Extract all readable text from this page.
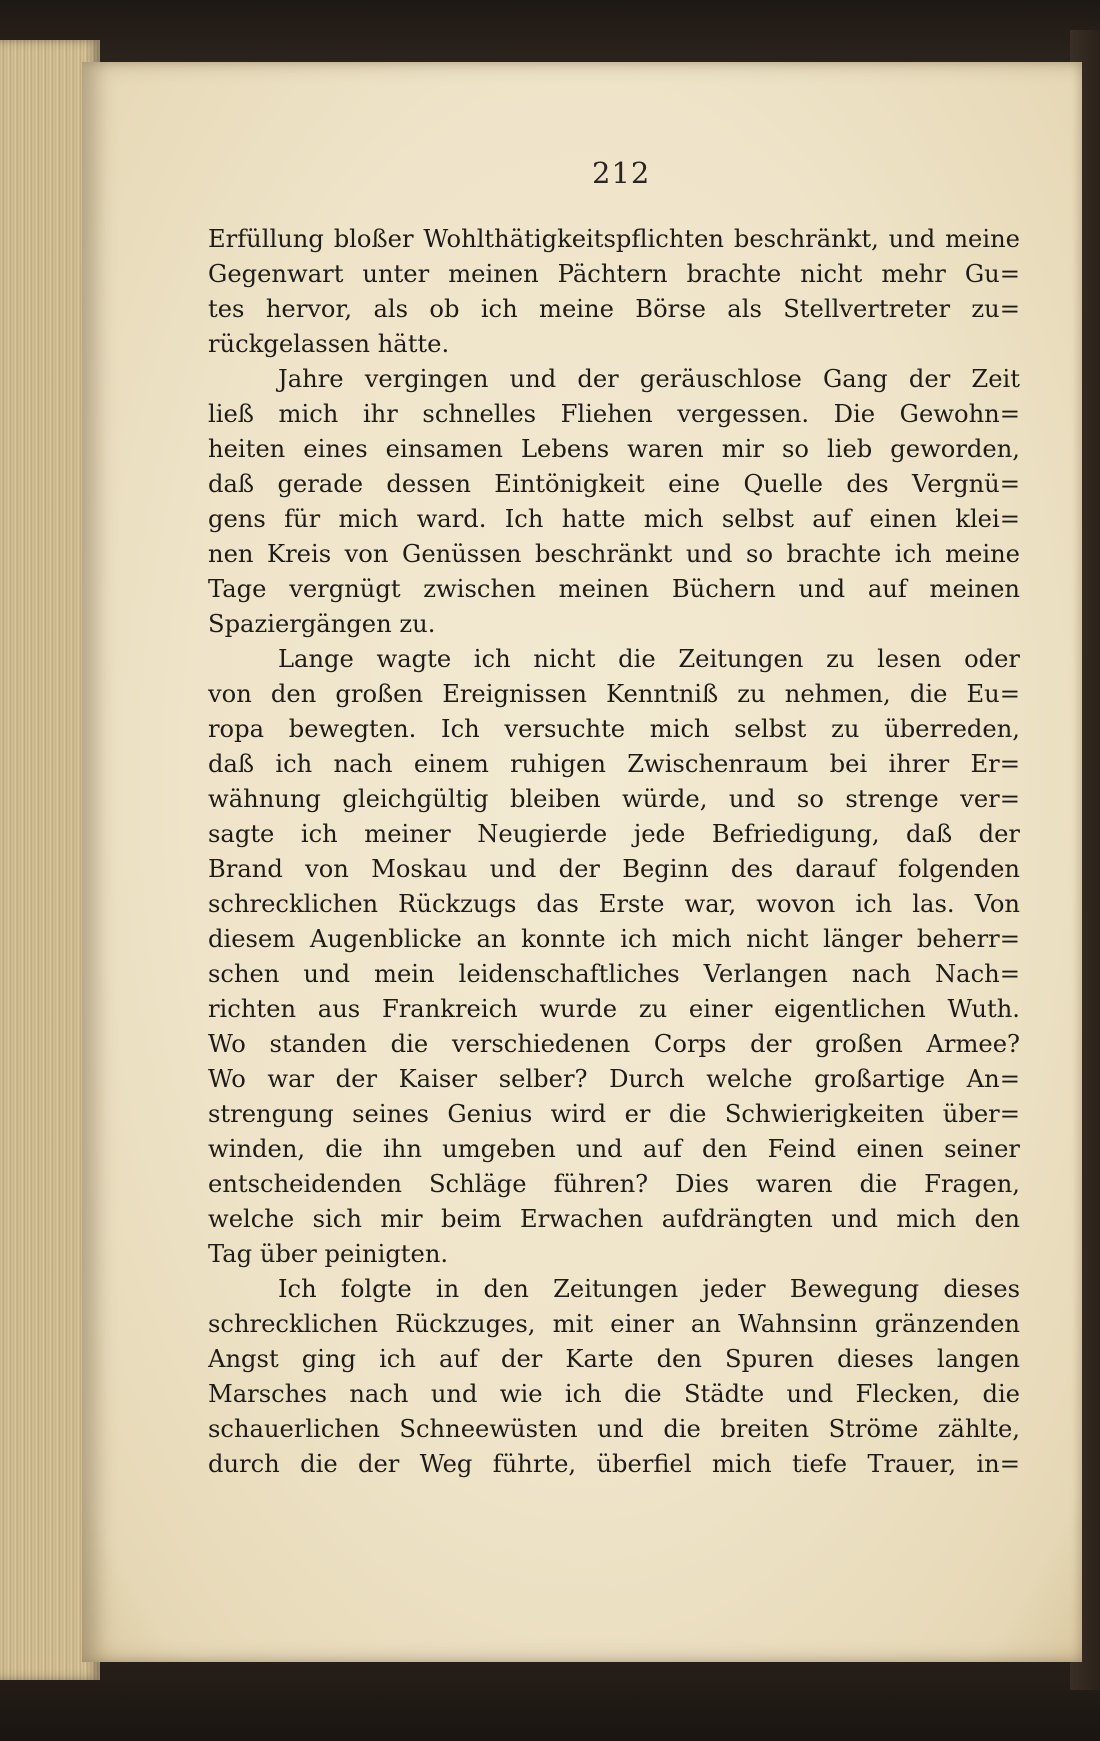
212
Erfüllung bloßer Wohlthätigkeitspflichten beschränkt, und meine
Gegenwart unter meinen Pächtern brachte nicht mehr Gu=
tes hervor, als ob ich meine Börse als Stellvertreter zu=
rückgelassen hätte.
Jahre vergingen und der geräuschlose Gang der Zeit
ließ mich ihr schnelles Fliehen vergessen. Die Gewohn=
heiten eines einsamen Lebens waren mir so lieb geworden,
daß gerade dessen Eintönigkeit eine Quelle des Vergnü=
gens für mich ward. Ich hatte mich selbst auf einen klei=
nen Kreis von Genüssen beschränkt und so brachte ich meine
Tage vergnügt zwischen meinen Büchern und auf meinen
Spaziergängen zu.
Lange wagte ich nicht die Zeitungen zu lesen oder
von den großen Ereignissen Kenntniß zu nehmen, die Eu=
ropa bewegten. Ich versuchte mich selbst zu überreden,
daß ich nach einem ruhigen Zwischenraum bei ihrer Er=
wähnung gleichgültig bleiben würde, und so strenge ver=
sagte ich meiner Neugierde jede Befriedigung, daß der
Brand von Moskau und der Beginn des darauf folgenden
schrecklichen Rückzugs das Erste war, wovon ich las. Von
diesem Augenblicke an konnte ich mich nicht länger beherr=
schen und mein leidenschaftliches Verlangen nach Nach=
richten aus Frankreich wurde zu einer eigentlichen Wuth.
Wo standen die verschiedenen Corps der großen Armee?
Wo war der Kaiser selber? Durch welche großartige An=
strengung seines Genius wird er die Schwierigkeiten über=
winden, die ihn umgeben und auf den Feind einen seiner
entscheidenden Schläge führen? Dies waren die Fragen,
welche sich mir beim Erwachen aufdrängten und mich den
Tag über peinigten.
Ich folgte in den Zeitungen jeder Bewegung dieses
schrecklichen Rückzuges, mit einer an Wahnsinn gränzenden
Angst ging ich auf der Karte den Spuren dieses langen
Marsches nach und wie ich die Städte und Flecken, die
schauerlichen Schneewüsten und die breiten Ströme zählte,
durch die der Weg führte, überfiel mich tiefe Trauer, in=
